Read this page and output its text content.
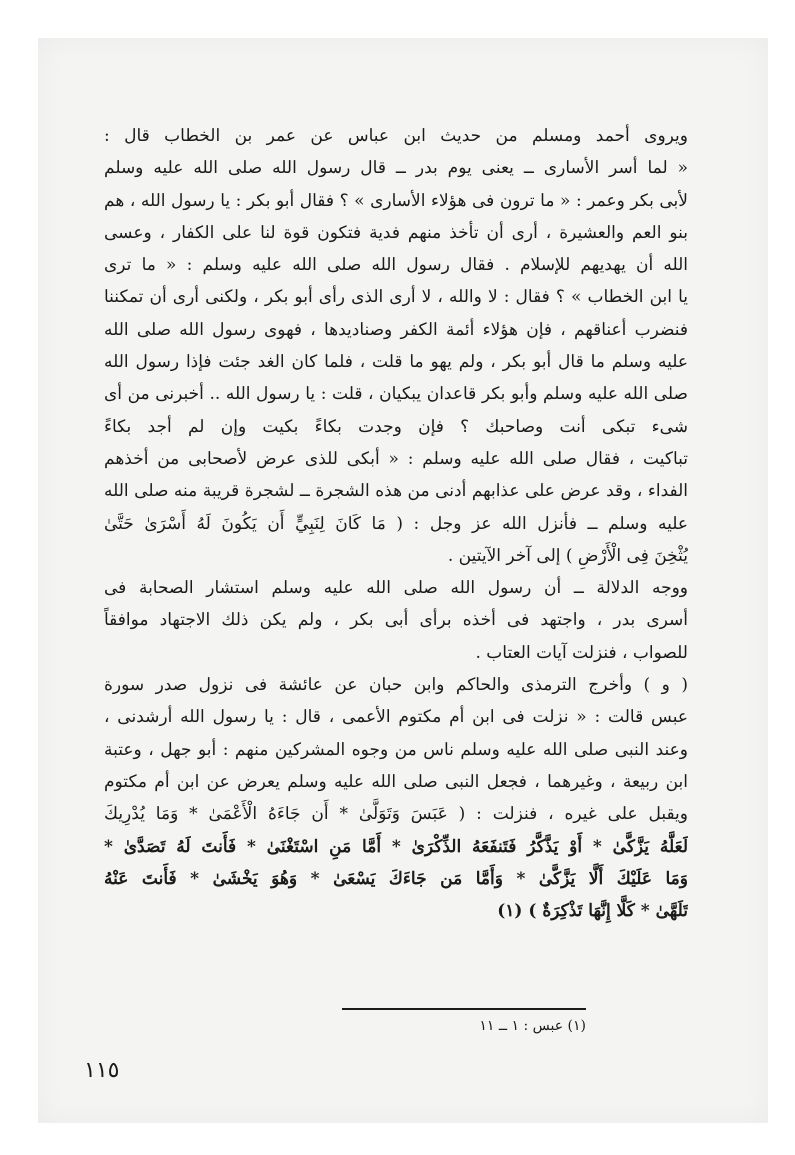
ويروى أحمد ومسلم من حديث ابن عباس عن عمر بن الخطاب قال :
« لما أسر الأسارى ــ يعنى يوم بدر ــ قال رسول الله صلى الله عليه وسلم
لأبى بكر وعمر : « ما ترون فى هؤلاء الأسارى » ؟ فقال أبو بكر : يا رسول الله ، هم
بنو العم والعشيرة ، أرى أن تأخذ منهم فدية فتكون قوة لنا على الكفار ، وعسى
الله أن يهديهم للإسلام . فقال رسول الله صلى الله عليه وسلم : « ما ترى
يا ابن الخطاب » ؟ فقال : لا والله ، لا أرى الذى رأى أبو بكر ، ولكنى أرى أن تمكننا
فنضرب أعناقهم ، فإن هؤلاء أئمة الكفر وصناديدها ، فهوى رسول الله صلى الله
عليه وسلم ما قال أبو بكر ، ولم يهو ما قلت ، فلما كان الغد جئت فإذا رسول الله
صلى الله عليه وسلم وأبو بكر قاعدان يبكيان ، قلت : يا رسول الله .. أخبرنى من أى
شىء تبكى أنت وصاحبك ؟ فإن وجدت بكاءً بكيت وإن لم أجد بكاءً
تباكيت ، فقال صلى الله عليه وسلم : « أبكى للذى عرض لأصحابى من أخذهم
الفداء ، وقد عرض على عذابهم أدنى من هذه الشجرة ــ لشجرة قريبة منه صلى الله
عليه وسلم ــ فأنزل الله عز وجل : ( مَا كَانَ لِنَبِيٍّ أَن يَكُونَ لَهُ أَسْرَىٰ حَتَّىٰ
يُثْخِنَ فِى الْأَرْضِ ) إلى آخر الآيتين .
ووجه الدلالة ــ أن رسول الله صلى الله عليه وسلم استشار الصحابة فى
أسرى بدر ، واجتهد فى أخذه برأى أبى بكر ، ولم يكن ذلك الاجتهاد موافقاً
للصواب ، فنزلت آيات العتاب .
( و ) وأخرج الترمذى والحاكم وابن حبان عن عائشة فى نزول صدر سورة
عبس قالت : « نزلت فى ابن أم مكتوم الأعمى ، قال : يا رسول الله أرشدنى ،
وعند النبى صلى الله عليه وسلم ناس من وجوه المشركين منهم : أبو جهل ، وعتبة
ابن ربيعة ، وغيرهما ، فجعل النبى صلى الله عليه وسلم يعرض عن ابن أم مكتوم
ويقبل على غيره ، فنزلت : ( عَبَسَ وَتَوَلَّىٰ * أَن جَاءَهُ الْأَعْمَىٰ * وَمَا يُدْرِيكَ
لَعَلَّهُ يَزَّكَّىٰ * أَوْ يَذَّكَّرُ فَتَنفَعَهُ الذِّكْرَىٰ * أَمَّا مَنِ اسْتَغْنَىٰ * فَأَنتَ لَهُ تَصَدَّىٰ *
وَمَا عَلَيْكَ أَلَّا يَزَّكَّىٰ * وَأَمَّا مَن جَاءَكَ يَسْعَىٰ * وَهُوَ يَخْشَىٰ * فَأَنتَ عَنْهُ
تَلَهَّىٰ * كَلَّا إِنَّهَا تَذْكِرَةٌ ) (١)
(١) عبس : ١ ــ ١١
١١٥
